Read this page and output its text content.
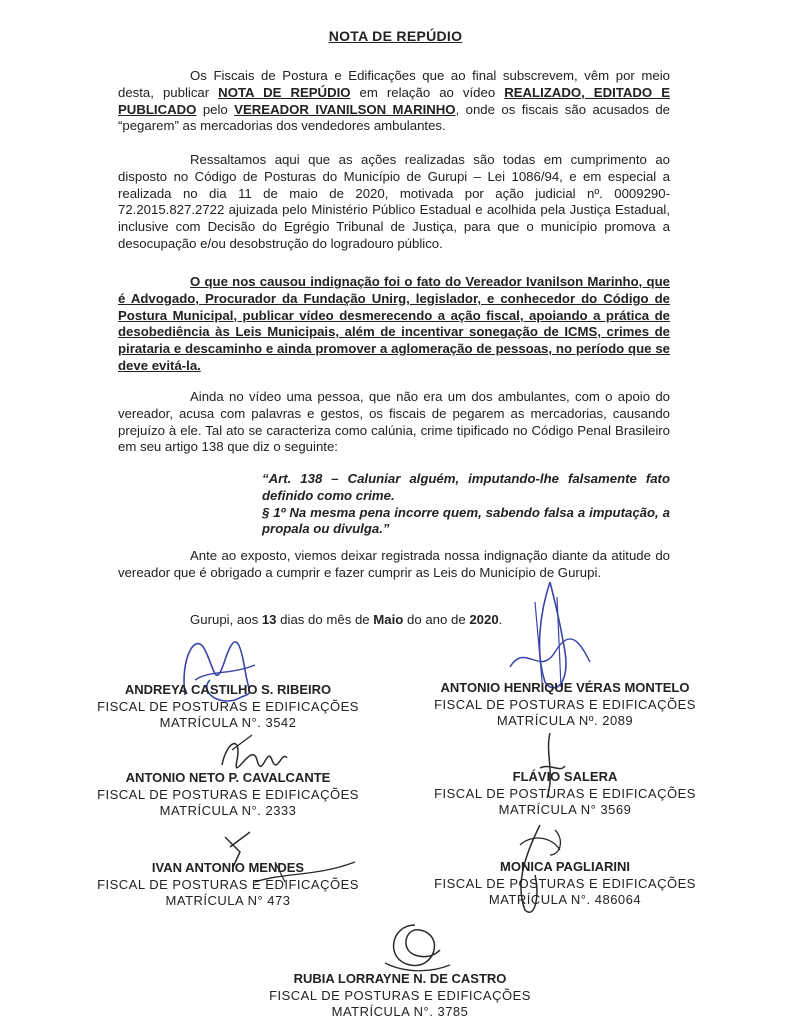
NOTA DE REPÚDIO

Os Fiscais de Postura e Edificações que ao final subscrevem, vêm por meio desta, publicar NOTA DE REPÚDIO em relação ao vídeo REALIZADO, EDITADO E PUBLICADO pelo VEREADOR IVANILSON MARINHO, onde os fiscais são acusados de “pegarem” as mercadorias dos vendedores ambulantes.

Ressaltamos aqui que as ações realizadas são todas em cumprimento ao disposto no Código de Posturas do Município de Gurupi – Lei 1086/94, e em especial a realizada no dia 11 de maio de 2020, motivada por ação judicial nº. 0009290-72.2015.827.2722 ajuizada pelo Ministério Público Estadual e acolhida pela Justiça Estadual, inclusive com Decisão do Egrégio Tribunal de Justiça, para que o município promova a desocupação e/ou desobstrução do logradouro público.

O que nos causou indignação foi o fato do Vereador Ivanilson Marinho, que é Advogado, Procurador da Fundação Unirg, legislador, e conhecedor do Código de Postura Municipal, publicar vídeo desmerecendo a ação fiscal, apoiando a prática de desobediência às Leis Municipais, além de incentivar sonegação de ICMS, crimes de pirataria e descaminho e ainda promover a aglomeração de pessoas, no período que se deve evitá-la.

Ainda no vídeo uma pessoa, que não era um dos ambulantes, com o apoio do vereador, acusa com palavras e gestos, os fiscais de pegarem as mercadorias, causando prejuízo à ele. Tal ato se caracteriza como calúnia, crime tipificado no Código Penal Brasileiro em seu artigo 138 que diz o seguinte:

“Art. 138 – Caluniar alguém, imputando-lhe falsamente fato definido como crime.
§ 1º Na mesma pena incorre quem, sabendo falsa a imputação, a propala ou divulga.”

Ante ao exposto, viemos deixar registrada nossa indignação diante da atitude do vereador que é obrigado a cumprir e fazer cumprir as Leis do Município de Gurupi.

Gurupi, aos 13 dias do mês de Maio do ano de 2020.
ANDREYA CASTILHO S. RIBEIRO
FISCAL DE POSTURAS E EDIFICAÇÕES
MATRÍCULA N°. 3542
ANTONIO HENRIQUE VÉRAS MONTELO
FISCAL DE POSTURAS E EDIFICAÇÕES
MATRÍCULA Nº. 2089
ANTONIO NETO P. CAVALCANTE
FISCAL DE POSTURAS E EDIFICAÇÕES
MATRÍCULA N°. 2333
FLÁVIO SALERA
FISCAL DE POSTURAS E EDIFICAÇÕES
MATRÍCULA N° 3569
IVAN ANTONIO MENDES
FISCAL DE POSTURAS E EDIFICAÇÕES
MATRÍCULA N° 473
MONICA PAGLIARINI
FISCAL DE POSTURAS E EDIFICAÇÕES
MATRÍCULA N°. 486064
RUBIA LORRAYNE N. DE CASTRO
FISCAL DE POSTURAS E EDIFICAÇÕES
MATRÍCULA N°. 3785
